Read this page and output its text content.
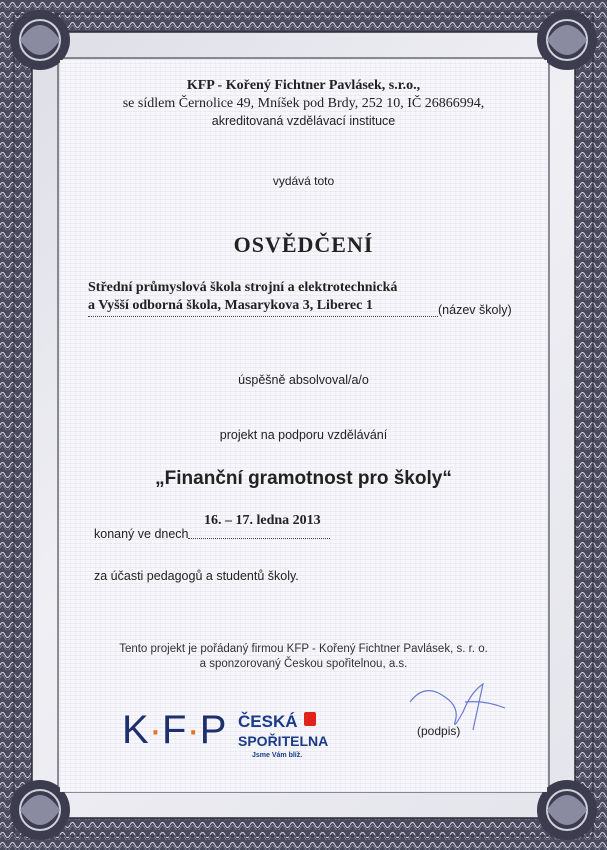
KFP - Kořený Fichtner Pavlásek, s.r.o.,
se sídlem Černolice 49, Mníšek pod Brdy, 252 10, IČ 26866994,
akreditovaná vzdělávací instituce
vydává toto
OSVĚDČENÍ
Střední průmyslová škola strojní a elektrotechnická
a Vyšší odborná škola, Masarykova 3, Liberec 1	(název školy)
úspěšně absolvoval/a/o
projekt na podporu vzdělávání
„Finanční gramotnost pro školy“
konaný ve dnech
16. – 17. ledna 2013
za účasti pedagogů a studentů školy.
Tento projekt je pořádaný firmou KFP - Kořený Fichtner Pavlásek, s. r. o.
a sponzorovaný Českou spořitelnou, a.s.
K·F·P ČESKÁ
SPOŘITELNA
Jsme Vám blíž.
(podpis)
